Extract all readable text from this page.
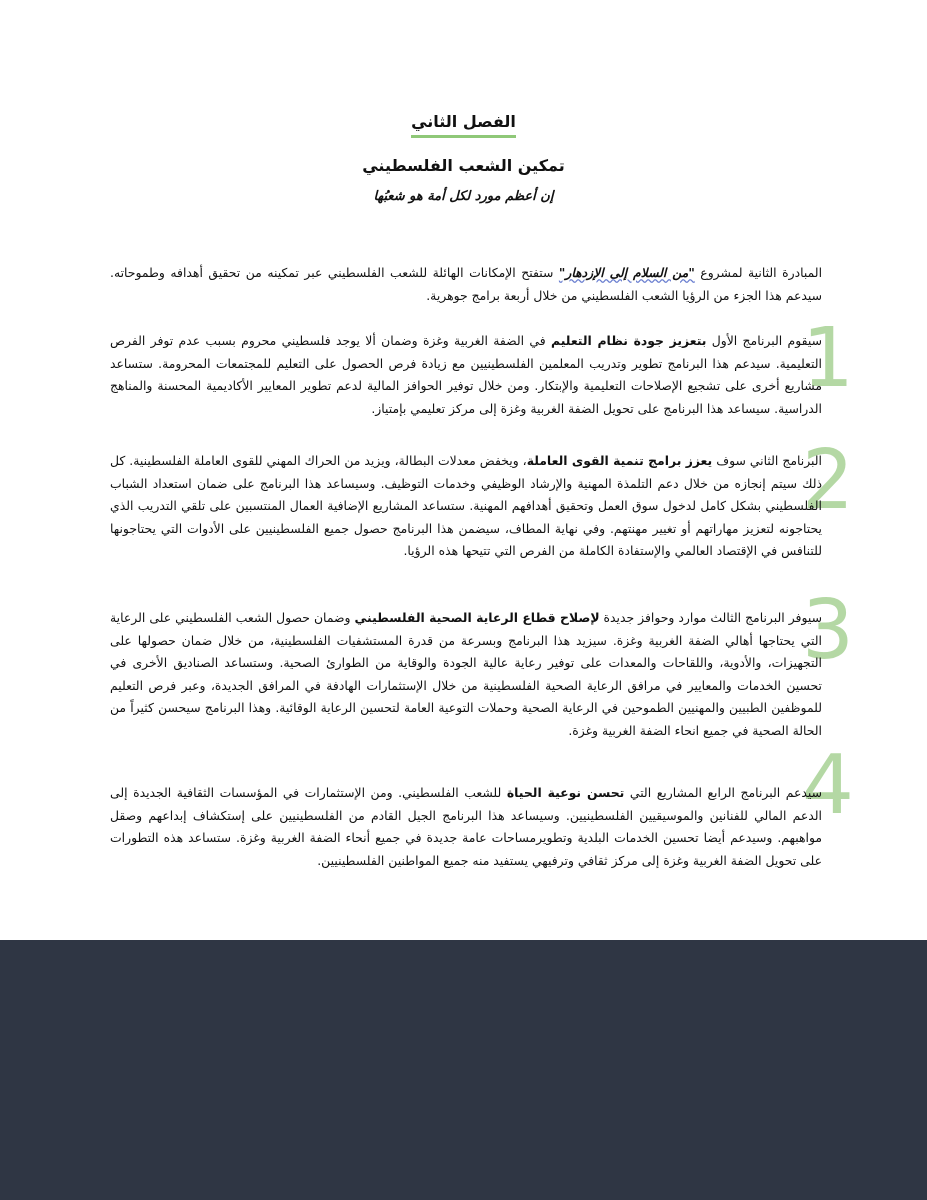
الفصل الثاني
تمكين الشعب الفلسطيني

إن أعظم مورد لكل أمة هو شعبُها

المبادرة الثانية لمشروع "من السلام إلى الإزدهار" ستفتح الإمكانات الهائلة للشعب الفلسطيني عبر تمكينه من تحقيق أهدافه وطموحاته. سيدعم هذا الجزء من الرؤيا الشعب الفلسطيني من خلال أربعة برامج جوهرية.

1

سيقوم البرنامج الأول بتعزيز جودة نظام التعليم في الضفة الغربية وغزة وضمان ألا يوجد فلسطيني محروم بسبب عدم توفر الفرص التعليمية. سيدعم هذا البرنامج تطوير وتدريب المعلمين الفلسطينيين مع زيادة فرص الحصول على التعليم للمجتمعات المحرومة. ستساعد مشاريع أخرى على تشجيع الإصلاحات التعليمية والإبتكار. ومن خلال توفير الحوافز المالية لدعم تطوير المعايير الأكاديمية المحسنة والمناهج الدراسية. سيساعد هذا البرنامج على تحويل الضفة الغربية وغزة إلى مركز تعليمي بإمتياز.

2

البرنامج الثاني سوف يعزز برامج تنمية القوى العاملة، ويخفض معدلات البطالة، ويزيد من الحراك المهني للقوى العاملة الفلسطينية. كل ذلك سيتم إنجازه من خلال دعم التلمذة المهنية والإرشاد الوظيفي وخدمات التوظيف. وسيساعد هذا البرنامج على ضمان استعداد الشباب الفلسطيني بشكل كامل لدخول سوق العمل وتحقيق أهدافهم المهنية. ستساعد المشاريع الإضافية العمال المنتسبين على تلقي التدريب الذي يحتاجونه لتعزيز مهاراتهم أو تغيير مهنتهم. وفي نهاية المطاف، سيضمن هذا البرنامج حصول جميع الفلسطينيين على الأدوات التي يحتاجونها للتنافس في الإقتصاد العالمي والإستفادة الكاملة من الفرص التي تتيحها هذه الرؤيا.

3

سيوفر البرنامج الثالث موارد وحوافز جديدة لإصلاح قطاع الرعاية الصحية الفلسطيني وضمان حصول الشعب الفلسطيني على الرعاية التي يحتاجها أهالي الضفة الغربية وغزة. سيزيد هذا البرنامج وبسرعة من قدرة المستشفيات الفلسطينية، من خلال ضمان حصولها على التجهيزات، والأدوية، واللقاحات والمعدات على توفير رعاية عالية الجودة والوقاية من الطوارئ الصحية. وستساعد الصناديق الأخرى في تحسين الخدمات والمعايير في مرافق الرعاية الصحية الفلسطينية من خلال الإستثمارات الهادفة في المرافق الجديدة، وعبر فرص التعليم للموظفين الطبيين والمهنيين الطموحين في الرعاية الصحية وحملات التوعية العامة لتحسين الرعاية الوقائية. وهذا البرنامج سيحسن كثيراً من الحالة الصحية في جميع انحاء الضفة الغربية وغزة.

4

سيدعم البرنامج الرابع المشاريع التي تحسن نوعية الحياة للشعب الفلسطيني. ومن الإستثمارات في المؤسسات الثقافية الجديدة إلى الدعم المالي للفنانين والموسيقيين الفلسطينيين. وسيساعد هذا البرنامج الجيل القادم من الفلسطينيين على إستكشاف إبداعهم وصقل مواهبهم. وسيدعم أيضا تحسين الخدمات البلدية وتطويرمساحات عامة جديدة في جميع أنحاء الضفة الغربية وغزة. ستساعد هذه التطورات على تحويل الضفة الغربية وغزة إلى مركز ثقافي وترفيهي يستفيد منه جميع المواطنين الفلسطينيين.
